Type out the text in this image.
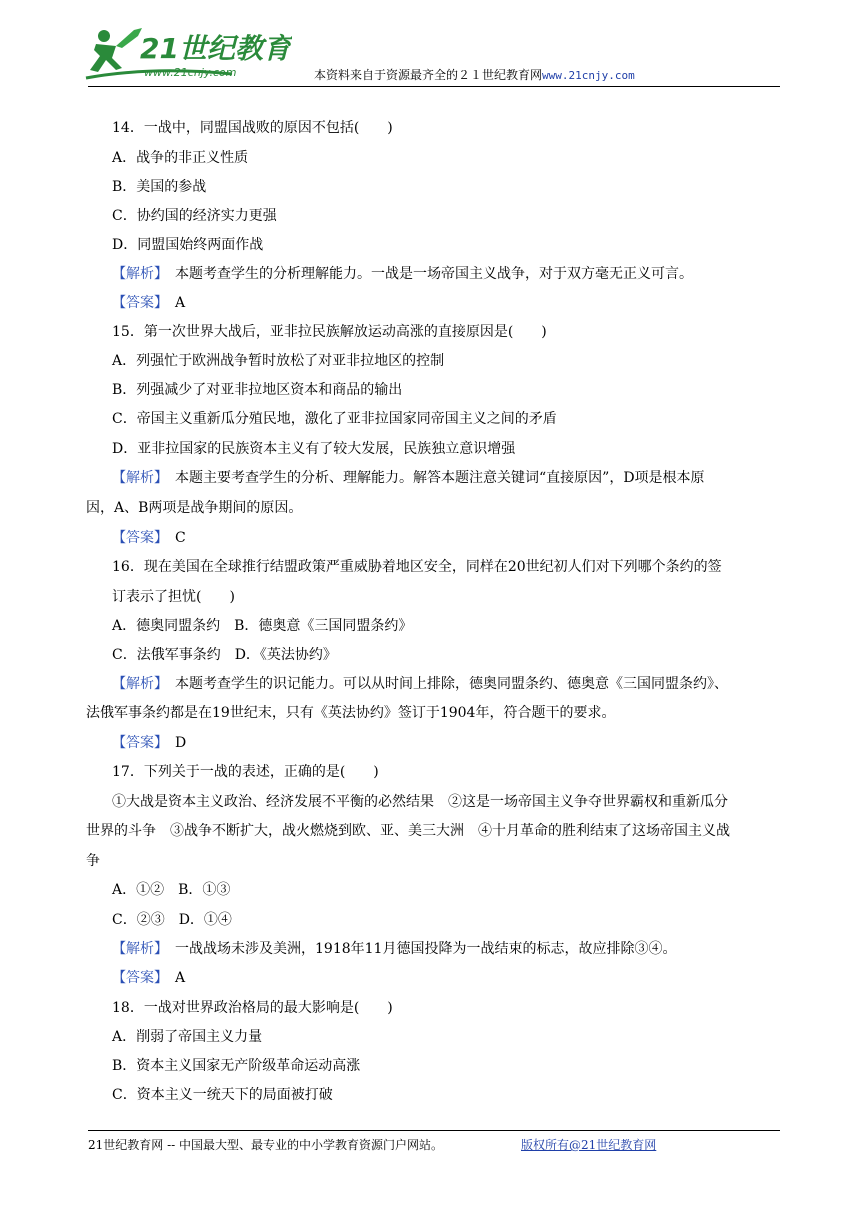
21世纪教育
www.21cnjy.com	本资料来自于资源最齐全的２１世纪教育网www.21cnjy.com
14．一战中，同盟国战败的原因不包括(　　)
A．战争的非正义性质
B．美国的参战
C．协约国的经济实力更强
D．同盟国始终两面作战
【解析】　本题考查学生的分析理解能力。一战是一场帝国主义战争，对于双方毫无正义可言。
【答案】　A
15．第一次世界大战后，亚非拉民族解放运动高涨的直接原因是(　　)
A．列强忙于欧洲战争暂时放松了对亚非拉地区的控制
B．列强减少了对亚非拉地区资本和商品的输出
C．帝国主义重新瓜分殖民地，激化了亚非拉国家同帝国主义之间的矛盾
D．亚非拉国家的民族资本主义有了较大发展，民族独立意识增强
【解析】　本题主要考查学生的分析、理解能力。解答本题注意关键词“直接原因”，D项是根本原
因，A、B两项是战争期间的原因。
【答案】　C
16．现在美国在全球推行结盟政策严重威胁着地区安全，同样在20世纪初人们对下列哪个条约的签
订表示了担忧(　　)
A．德奥同盟条约　B．德奥意《三国同盟条约》
C．法俄军事条约　D．《英法协约》
【解析】　本题考查学生的识记能力。可以从时间上排除，德奥同盟条约、德奥意《三国同盟条约》、
法俄军事条约都是在19世纪末，只有《英法协约》签订于1904年，符合题干的要求。
【答案】　D
17．下列关于一战的表述，正确的是(　　)
①大战是资本主义政治、经济发展不平衡的必然结果　②这是一场帝国主义争夺世界霸权和重新瓜分
世界的斗争　③战争不断扩大，战火燃烧到欧、亚、美三大洲　④十月革命的胜利结束了这场帝国主义战
争
A．①②　B．①③
C．②③　D．①④
【解析】　一战战场未涉及美洲，1918年11月德国投降为一战结束的标志，故应排除③④。
【答案】　A
18．一战对世界政治格局的最大影响是(　　)
A．削弱了帝国主义力量
B．资本主义国家无产阶级革命运动高涨
C．资本主义一统天下的局面被打破
21世纪教育网 -- 中国最大型、最专业的中小学教育资源门户网站。	版权所有@21世纪教育网
